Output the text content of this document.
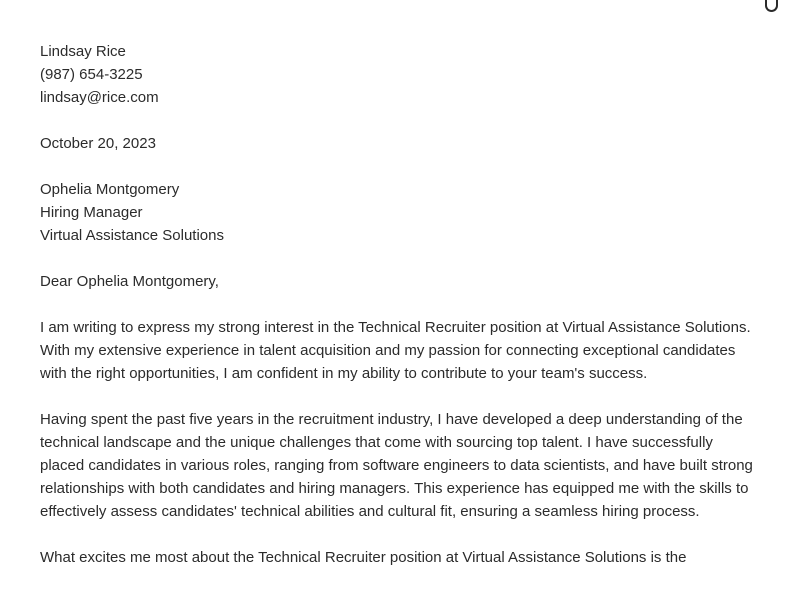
Lindsay Rice
(987) 654-3225
lindsay@rice.com
October 20, 2023
Ophelia Montgomery
Hiring Manager
Virtual Assistance Solutions
Dear Ophelia Montgomery,
I am writing to express my strong interest in the Technical Recruiter position at Virtual Assistance Solutions. With my extensive experience in talent acquisition and my passion for connecting exceptional candidates with the right opportunities, I am confident in my ability to contribute to your team's success.
Having spent the past five years in the recruitment industry, I have developed a deep understanding of the technical landscape and the unique challenges that come with sourcing top talent. I have successfully placed candidates in various roles, ranging from software engineers to data scientists, and have built strong relationships with both candidates and hiring managers. This experience has equipped me with the skills to effectively assess candidates' technical abilities and cultural fit, ensuring a seamless hiring process.
What excites me most about the Technical Recruiter position at Virtual Assistance Solutions is the
